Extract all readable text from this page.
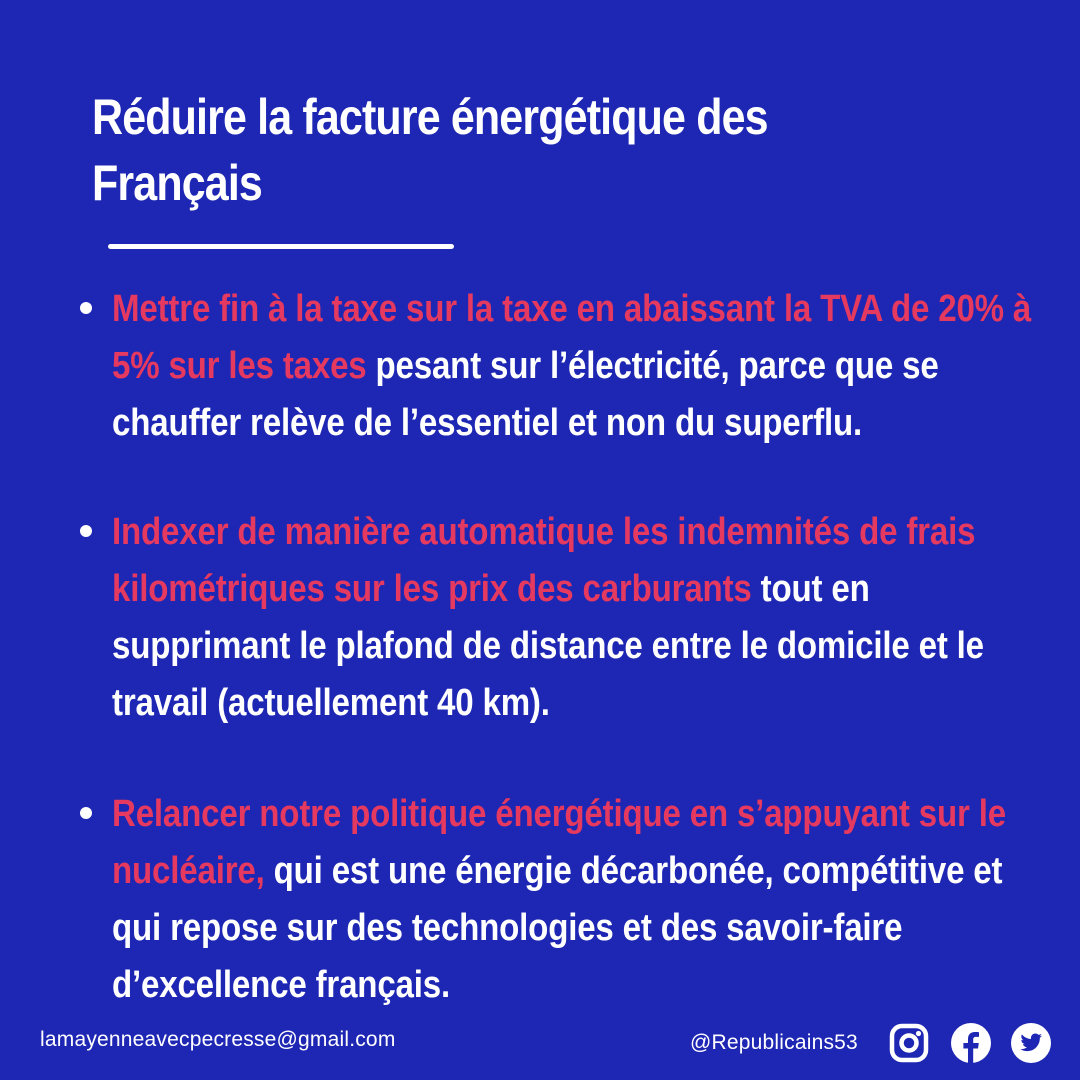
Réduire la facture énergétique des
Français

Mettre fin à la taxe sur la taxe en abaissant la TVA de 20% à 5% sur les taxes pesant sur l’électricité, parce que se chauffer relève de l’essentiel et non du superflu.

Indexer de manière automatique les indemnités de frais kilométriques sur les prix des carburants tout en supprimant le plafond de distance entre le domicile et le travail (actuellement 40 km).

Relancer notre politique énergétique en s’appuyant sur le nucléaire, qui est une énergie décarbonée, compétitive et qui repose sur des technologies et des savoir-faire d’excellence français.

lamayenneavecpecresse@gmail.com	@Republicains53
